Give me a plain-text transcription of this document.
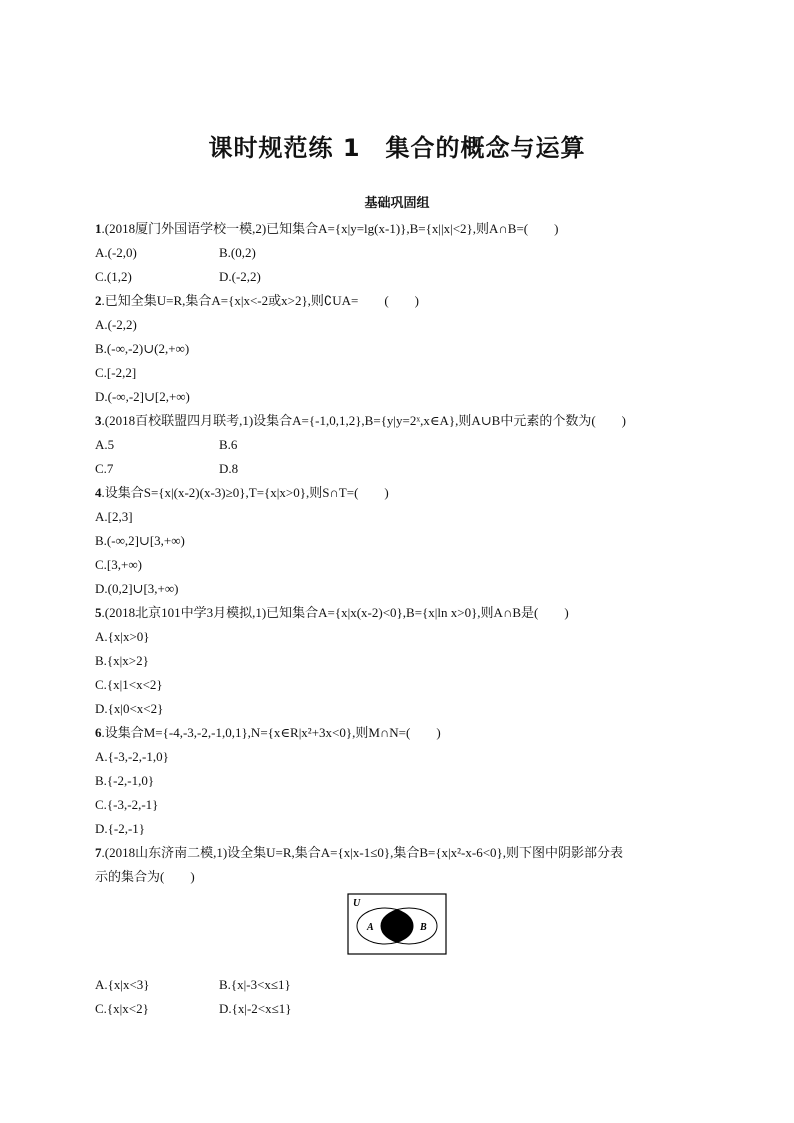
课时规范练 1　集合的概念与运算
基础巩固组
1.(2018厦门外国语学校一模,2)已知集合A={x|y=lg(x-1)},B={x||x|<2},则A∩B=(　　)
A.(-2,0)	B.(0,2)
C.(1,2)	D.(-2,2)
2.已知全集U=R,集合A={x|x<-2或x>2},则∁UA=　　(　　)
A.(-2,2)
B.(-∞,-2)∪(2,+∞)
C.[-2,2]
D.(-∞,-2]∪[2,+∞)
3.(2018百校联盟四月联考,1)设集合A={-1,0,1,2},B={y|y=2ˣ,x∈A},则A∪B中元素的个数为(　　)
A.5	B.6
C.7	D.8
4.设集合S={x|(x-2)(x-3)≥0},T={x|x>0},则S∩T=(　　)
A.[2,3]
B.(-∞,2]∪[3,+∞)
C.[3,+∞)
D.(0,2]∪[3,+∞)
5.(2018北京101中学3月模拟,1)已知集合A={x|x(x-2)<0},B={x|ln x>0},则A∩B是(　　)
A.{x|x>0}
B.{x|x>2}
C.{x|1<x<2}
D.{x|0<x<2}
6.设集合M={-4,-3,-2,-1,0,1},N={x∈R|x²+3x<0},则M∩N=(　　)
A.{-3,-2,-1,0}
B.{-2,-1,0}
C.{-3,-2,-1}
D.{-2,-1}
7.(2018山东济南二模,1)设全集U=R,集合A={x|x-1≤0},集合B={x|x²-x-6<0},则下图中阴影部分表
示的集合为(　　)
U
A	B
A.{x|x<3}	B.{x|-3<x≤1}
C.{x|x<2}	D.{x|-2<x≤1}
